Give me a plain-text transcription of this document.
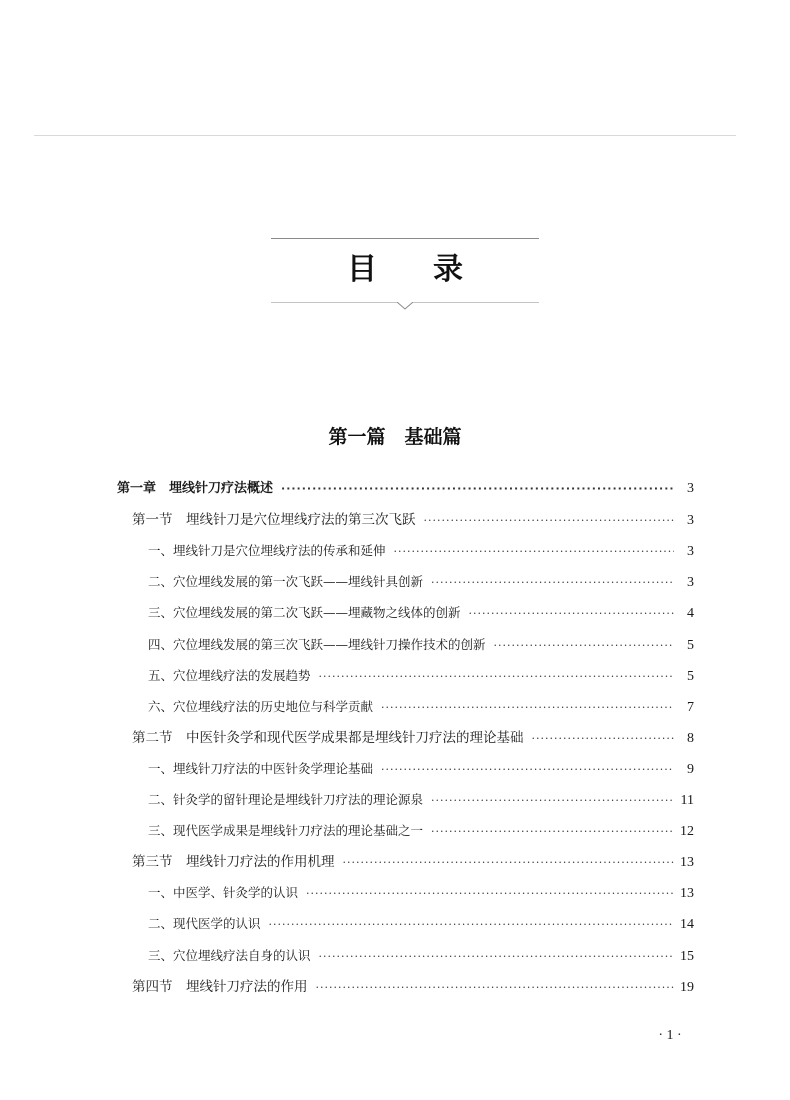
目录
第一篇　基础篇
第一章　埋线针刀疗法概述 ·····	3
第一节　埋线针刀是穴位埋线疗法的第三次飞跃 ·····	3
一、埋线针刀是穴位埋线疗法的传承和延伸 ·····	3
二、穴位埋线发展的第一次飞跃——埋线针具创新 ·····	3
三、穴位埋线发展的第二次飞跃——埋藏物之线体的创新 ·····	4
四、穴位埋线发展的第三次飞跃——埋线针刀操作技术的创新 ·····	5
五、穴位埋线疗法的发展趋势 ·····	5
六、穴位埋线疗法的历史地位与科学贡献 ·····	7
第二节　中医针灸学和现代医学成果都是埋线针刀疗法的理论基础 ·····	8
一、埋线针刀疗法的中医针灸学理论基础 ·····	9
二、针灸学的留针理论是埋线针刀疗法的理论源泉 ·····	11
三、现代医学成果是埋线针刀疗法的理论基础之一 ·····	12
第三节　埋线针刀疗法的作用机理 ·····	13
一、中医学、针灸学的认识 ·····	13
二、现代医学的认识 ·····	14
三、穴位埋线疗法自身的认识 ·····	15
第四节　埋线针刀疗法的作用 ·····	19
· 1 ·
